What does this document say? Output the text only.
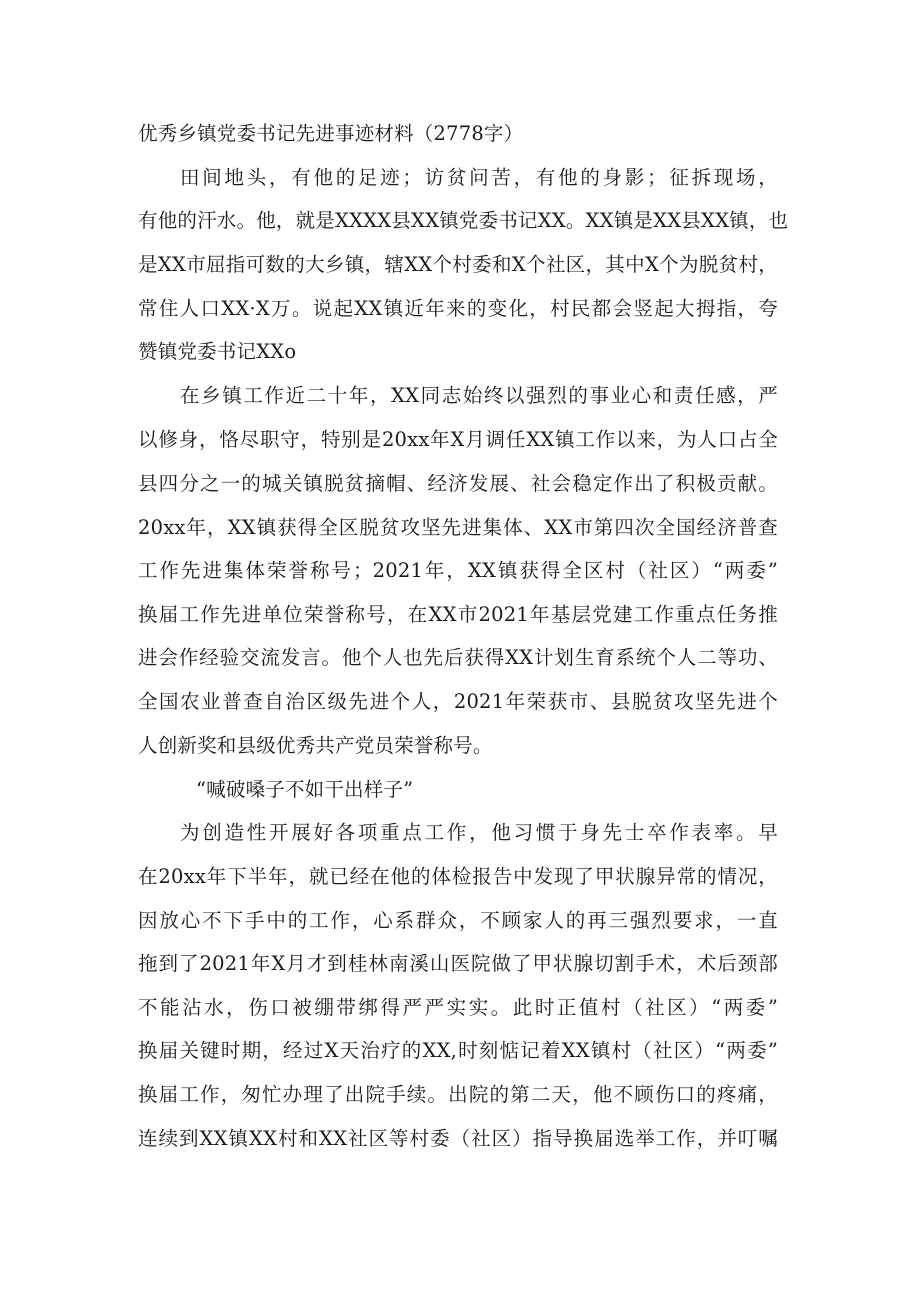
优秀乡镇党委书记先进事迹材料（2778字）
田间地头，有他的足迹；访贫问苦，有他的身影；征拆现场，
有他的汗水。他，就是XXXX县XX镇党委书记XX。XX镇是XX县XX镇，也
是XX市屈指可数的大乡镇，辖XX个村委和X个社区，其中X个为脱贫村，
常住人口XX·X万。说起XX镇近年来的变化，村民都会竖起大拇指，夸
赞镇党委书记XXo
在乡镇工作近二十年，XX同志始终以强烈的事业心和责任感，严
以修身，恪尽职守，特别是20xx年X月调任XX镇工作以来，为人口占全
县四分之一的城关镇脱贫摘帽、经济发展、社会稳定作出了积极贡献。
20xx年，XX镇获得全区脱贫攻坚先进集体、XX市第四次全国经济普查
工作先进集体荣誉称号；2021年，XX镇获得全区村（社区）“两委”
换届工作先进单位荣誉称号，在XX市2021年基层党建工作重点任务推
进会作经验交流发言。他个人也先后获得XX计划生育系统个人二等功、
全国农业普查自治区级先进个人，2021年荣获市、县脱贫攻坚先进个
人创新奖和县级优秀共产党员荣誉称号。
“喊破嗓子不如干出样子”
为创造性开展好各项重点工作，他习惯于身先士卒作表率。早
在20xx年下半年，就已经在他的体检报告中发现了甲状腺异常的情况，
因放心不下手中的工作，心系群众，不顾家人的再三强烈要求，一直
拖到了2021年X月才到桂林南溪山医院做了甲状腺切割手术，术后颈部
不能沾水，伤口被绷带绑得严严实实。此时正值村（社区）“两委”
换届关键时期，经过X天治疗的XX,时刻惦记着XX镇村（社区）“两委”
换届工作，匆忙办理了出院手续。出院的第二天，他不顾伤口的疼痛，
连续到XX镇XX村和XX社区等村委（社区）指导换届选举工作，并叮嘱
